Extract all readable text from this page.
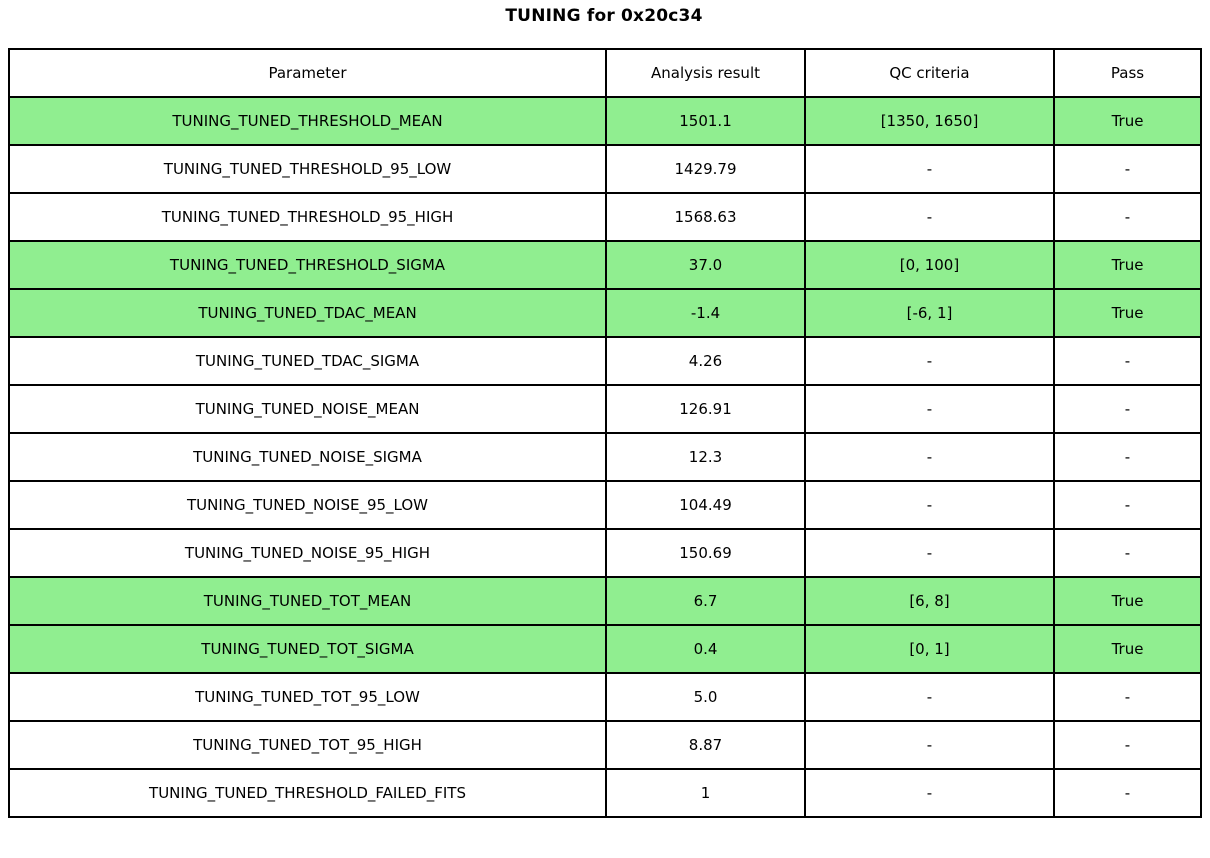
TUNING for 0x20c34
Parameter	Analysis result	QC criteria	Pass
TUNING_TUNED_THRESHOLD_MEAN	1501.1	[1350, 1650]	True
TUNING_TUNED_THRESHOLD_95_LOW	1429.79	-	-
TUNING_TUNED_THRESHOLD_95_HIGH	1568.63	-	-
TUNING_TUNED_THRESHOLD_SIGMA	37.0	[0, 100]	True
TUNING_TUNED_TDAC_MEAN	-1.4	[-6, 1]	True
TUNING_TUNED_TDAC_SIGMA	4.26	-	-
TUNING_TUNED_NOISE_MEAN	126.91	-	-
TUNING_TUNED_NOISE_SIGMA	12.3	-	-
TUNING_TUNED_NOISE_95_LOW	104.49	-	-
TUNING_TUNED_NOISE_95_HIGH	150.69	-	-
TUNING_TUNED_TOT_MEAN	6.7	[6, 8]	True
TUNING_TUNED_TOT_SIGMA	0.4	[0, 1]	True
TUNING_TUNED_TOT_95_LOW	5.0	-	-
TUNING_TUNED_TOT_95_HIGH	8.87	-	-
TUNING_TUNED_THRESHOLD_FAILED_FITS	1	-	-
